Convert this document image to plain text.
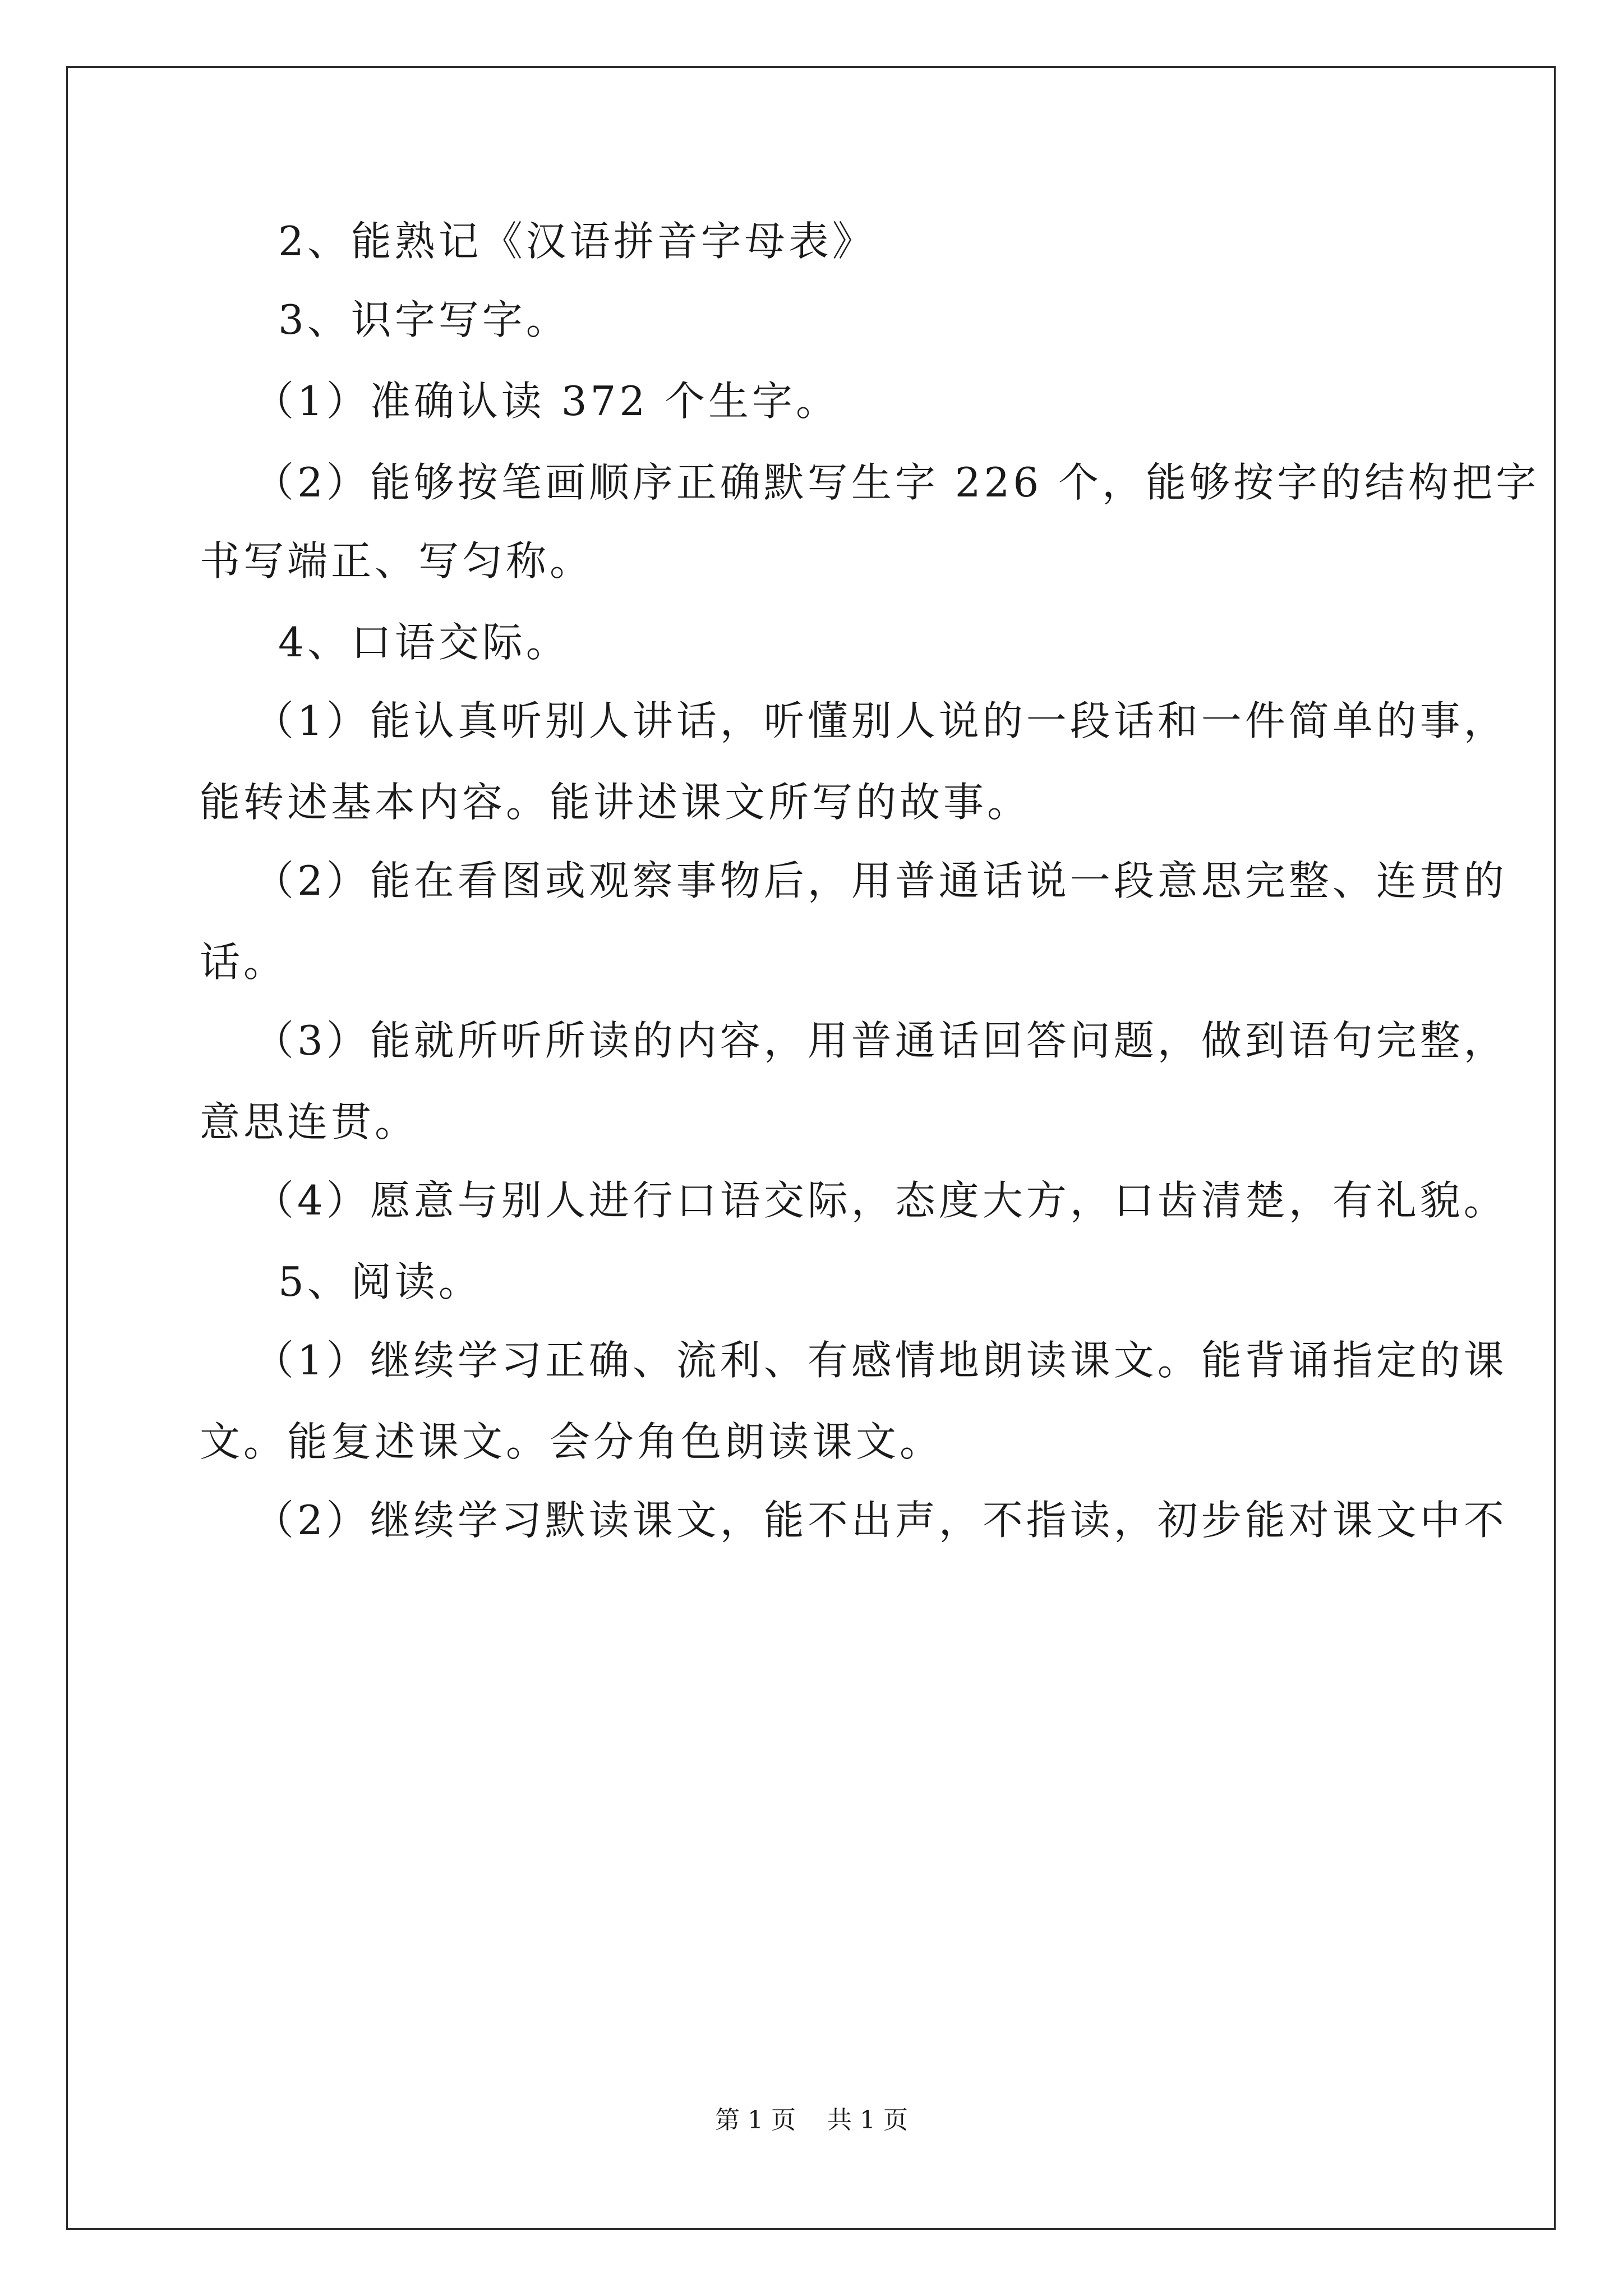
2、能熟记《汉语拼音字母表》
3、识字写字。
（1）准确认读 372 个生字。
（2）能够按笔画顺序正确默写生字 226 个，能够按字的结构把字
书写端正、写匀称。
4、口语交际。
（1）能认真听别人讲话，听懂别人说的一段话和一件简单的事，
能转述基本内容。能讲述课文所写的故事。
（2）能在看图或观察事物后，用普通话说一段意思完整、连贯的
话。
（3）能就所听所读的内容，用普通话回答问题，做到语句完整，
意思连贯。
（4）愿意与别人进行口语交际，态度大方，口齿清楚，有礼貌。
5、阅读。
（1）继续学习正确、流利、有感情地朗读课文。能背诵指定的课
文。能复述课文。会分角色朗读课文。
（2）继续学习默读课文，能不出声，不指读，初步能对课文中不
第 1 页 共 1 页
